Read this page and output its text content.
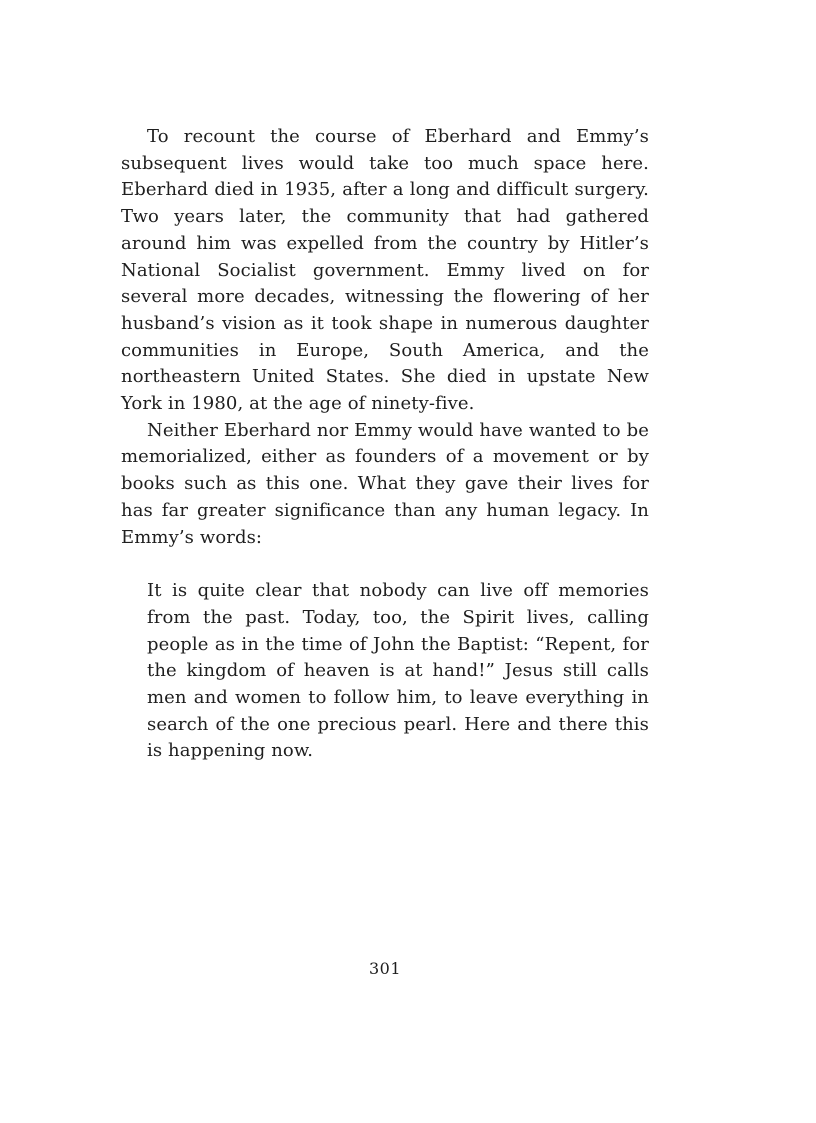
To recount the course of Eberhard and Emmy’s subsequent lives would take too much space here. Eberhard died in 1935, after a long and difficult surgery. Two years later, the community that had gathered around him was expelled from the country by Hitler’s National Socialist government. Emmy lived on for several more decades, witnessing the flowering of her husband’s vision as it took shape in numerous daughter communities in Europe, South America, and the northeastern United States. She died in upstate New York in 1980, at the age of ninety-five.

Neither Eberhard nor Emmy would have wanted to be memorialized, either as founders of a movement or by books such as this one. What they gave their lives for has far greater significance than any human legacy. In Emmy’s words:

It is quite clear that nobody can live off memories from the past. Today, too, the Spirit lives, calling people as in the time of John the Baptist: “Repent, for the kingdom of heaven is at hand!” Jesus still calls men and women to follow him, to leave everything in search of the one precious pearl. Here and there this is happening now.

301
